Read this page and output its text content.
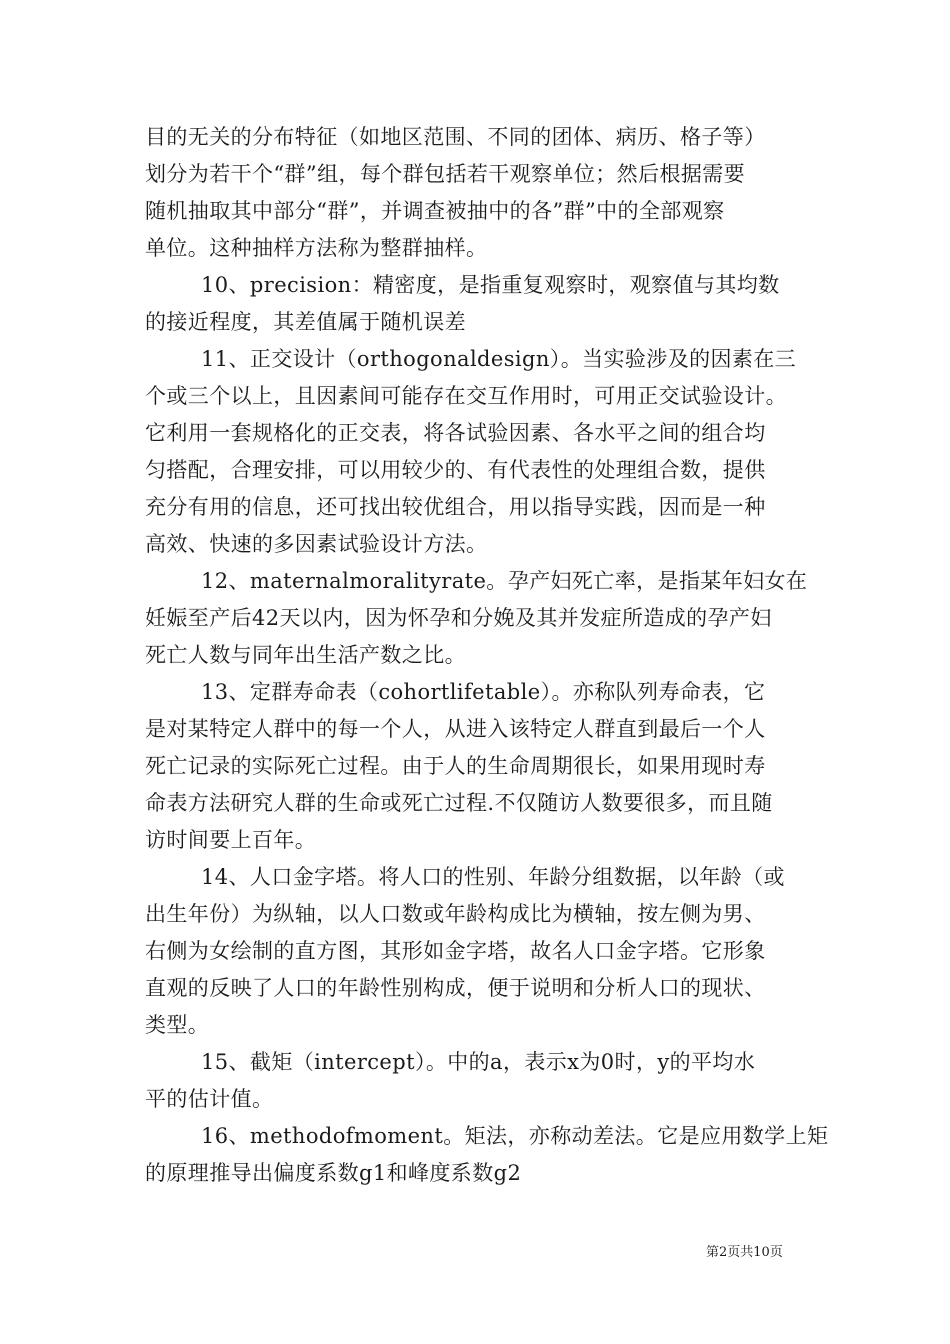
目的无关的分布特征（如地区范围、不同的团体、病历、格子等）
划分为若干个“群”组，每个群包括若干观察单位；然后根据需要
随机抽取其中部分“群”，并调查被抽中的各”群”中的全部观察
单位。这种抽样方法称为整群抽样。
10、precision：精密度，是指重复观察时，观察值与其均数
的接近程度，其差值属于随机误差
11、正交设计（orthogonaldesign）。当实验涉及的因素在三
个或三个以上，且因素间可能存在交互作用时，可用正交试验设计。
它利用一套规格化的正交表，将各试验因素、各水平之间的组合均
匀搭配，合理安排，可以用较少的、有代表性的处理组合数，提供
充分有用的信息，还可找出较优组合，用以指导实践，因而是一种
高效、快速的多因素试验设计方法。
12、maternalmoralityrate。孕产妇死亡率，是指某年妇女在
妊娠至产后42天以内，因为怀孕和分娩及其并发症所造成的孕产妇
死亡人数与同年出生活产数之比。
13、定群寿命表（cohortlifetable）。亦称队列寿命表，它
是对某特定人群中的每一个人，从进入该特定人群直到最后一个人
死亡记录的实际死亡过程。由于人的生命周期很长，如果用现时寿
命表方法研究人群的生命或死亡过程.不仅随访人数要很多，而且随
访时间要上百年。
14、人口金字塔。将人口的性别、年龄分组数据，以年龄（或
出生年份）为纵轴，以人口数或年龄构成比为横轴，按左侧为男、
右侧为女绘制的直方图，其形如金字塔，故名人口金字塔。它形象
直观的反映了人口的年龄性别构成，便于说明和分析人口的现状、
类型。
15、截矩（intercept）。中的a，表示x为0时，y的平均水
平的估计值。
16、methodofmoment。矩法，亦称动差法。它是应用数学上矩
的原理推导出偏度系数g1和峰度系数g2
第2页共10页
